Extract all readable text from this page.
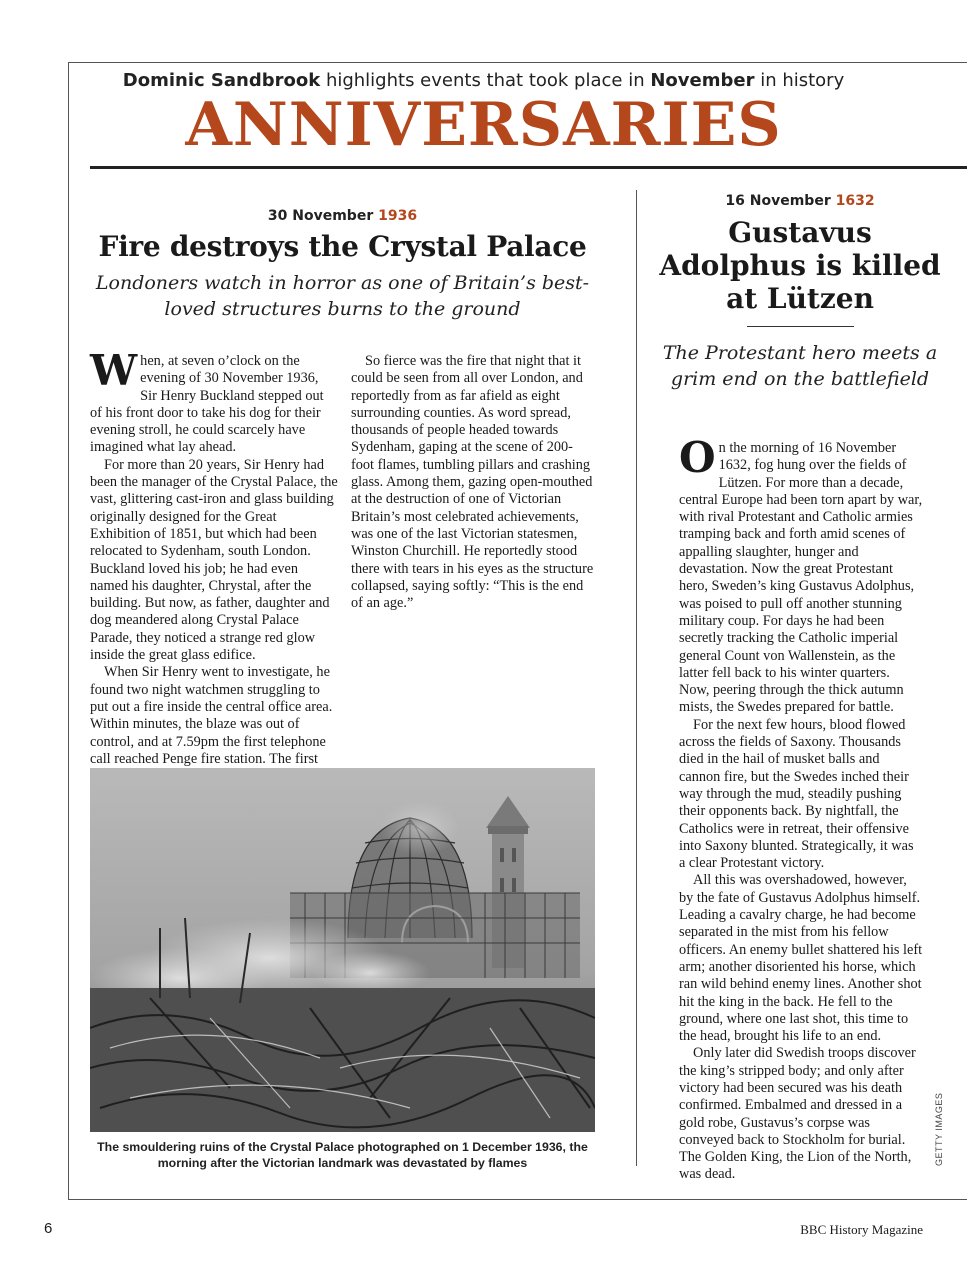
Dominic Sandbrook highlights events that took place in November in history
ANNIVERSARIES
30 November 1936
Fire destroys the Crystal Palace
Londoners watch in horror as one of Britain’s best-loved structures burns to the ground

When, at seven o’clock on the evening of 30 November 1936, Sir Henry Buckland stepped out of his front door to take his dog for their evening stroll, he could scarcely have imagined what lay ahead.

For more than 20 years, Sir Henry had been the manager of the Crystal Palace, the vast, glittering cast-iron and glass building originally designed for the Great Exhibition of 1851, but which had been relocated to Sydenham, south London. Buckland loved his job; he had even named his daughter, Chrystal, after the building. But now, as father, daughter and dog meandered along Crystal Palace Parade, they noticed a strange red glow inside the great glass edifice.

When Sir Henry went to investigate, he found two night watchmen struggling to put out a fire inside the central office area. Within minutes, the blaze was out of control, and at 7.59pm the first telephone call reached Penge fire station. The first

So fierce was the fire that night that it could be seen from all over London, and reportedly from as far afield as eight surrounding counties. As word spread, thousands of people headed towards Sydenham, gaping at the scene of 200-foot flames, tumbling pillars and crashing glass. Among them, gazing open-mouthed at the destruction of one of Victorian Britain’s most celebrated achievements, was one of the last Victorian statesmen, Winston Churchill. He reportedly stood there with tears in his eyes as the structure collapsed, saying softly: “This is the end of an age.”

The smouldering ruins of the Crystal Palace photographed on 1 December 1936, the morning after the Victorian landmark was devastated by flames
16 November 1632
Gustavus Adolphus is killed at Lützen
The Protestant hero meets a grim end on the battlefield

On the morning of 16 November 1632, fog hung over the fields of Lützen. For more than a decade, central Europe had been torn apart by war, with rival Protestant and Catholic armies tramping back and forth amid scenes of appalling slaughter, hunger and devastation. Now the great Protestant hero, Sweden’s king Gustavus Adolphus, was poised to pull off another stunning military coup. For days he had been secretly tracking the Catholic imperial general Count von Wallenstein, as the latter fell back to his winter quarters. Now, peering through the thick autumn mists, the Swedes prepared for battle.

For the next few hours, blood flowed across the fields of Saxony. Thousands died in the hail of musket balls and cannon fire, but the Swedes inched their way through the mud, steadily pushing their opponents back. By nightfall, the Catholics were in retreat, their offensive into Saxony blunted. Strategically, it was a clear Protestant victory.

All this was overshadowed, however, by the fate of Gustavus Adolphus himself. Leading a cavalry charge, he had become separated in the mist from his fellow officers. An enemy bullet shattered his left arm; another disoriented his horse, which ran wild behind enemy lines. Another shot hit the king in the back. He fell to the ground, where one last shot, this time to the head, brought his life to an end.

Only later did Swedish troops discover the king’s stripped body; and only after victory had been secured was his death confirmed. Embalmed and dressed in a gold robe, Gustavus’s corpse was conveyed back to Stockholm for burial. The Golden King, the Lion of the North, was dead.

GETTY IMAGES
6	BBC History Magazine
